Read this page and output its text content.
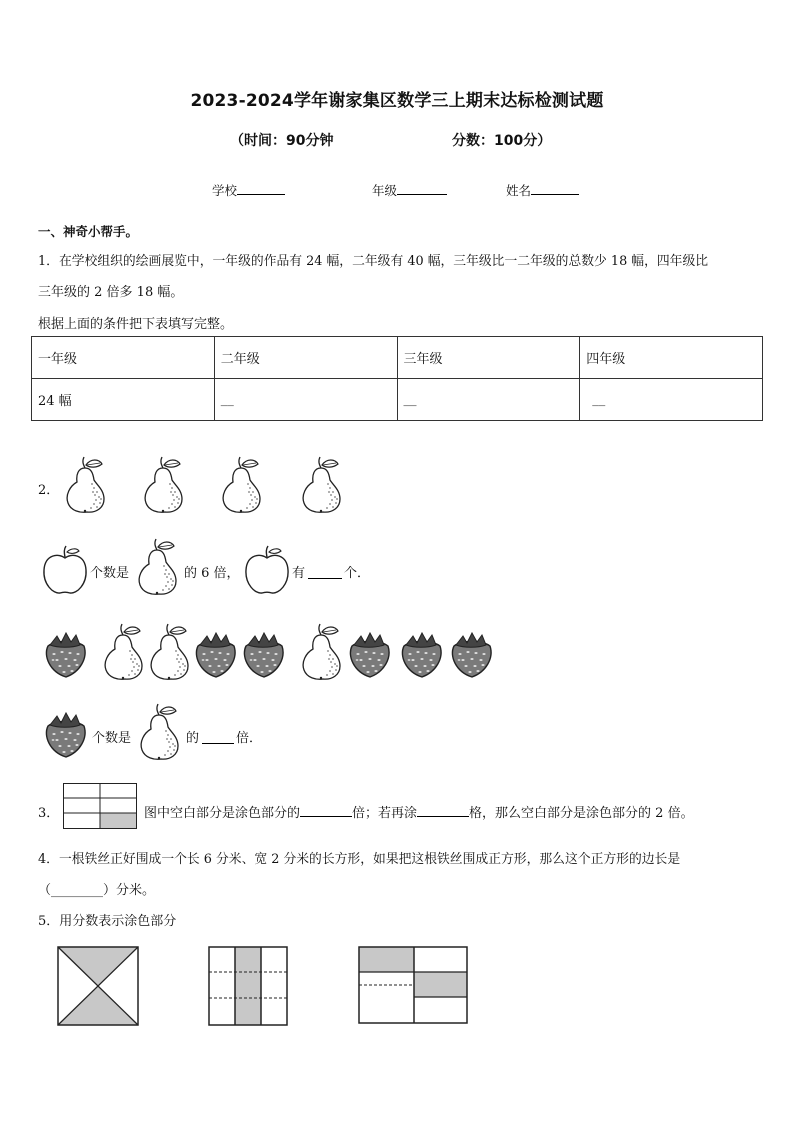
2023-2024学年谢家集区数学三上期末达标检测试题
（时间：90分钟	分数：100分）
学校	年级	姓名
一、神奇小帮手。
1．在学校组织的绘画展览中，一年级的作品有 24 幅，二年级有 40 幅，三年级比一二年级的总数少 18 幅，四年级比
三年级的 2 倍多 18 幅。
根据上面的条件把下表填写完整。
一年级	二年级	三年级	四年级
24 幅	__	__	__
2．
个数是	的 6 倍，	有	个．
个数是	的	倍．
3．	图中空白部分是涂色部分的	倍；若再涂	格，那么空白部分是涂色部分的 2 倍。
4．一根铁丝正好围成一个长 6 分米、宽 2 分米的长方形，如果把这根铁丝围成正方形，那么这个正方形的边长是
（________）分米。
5．用分数表示涂色部分
